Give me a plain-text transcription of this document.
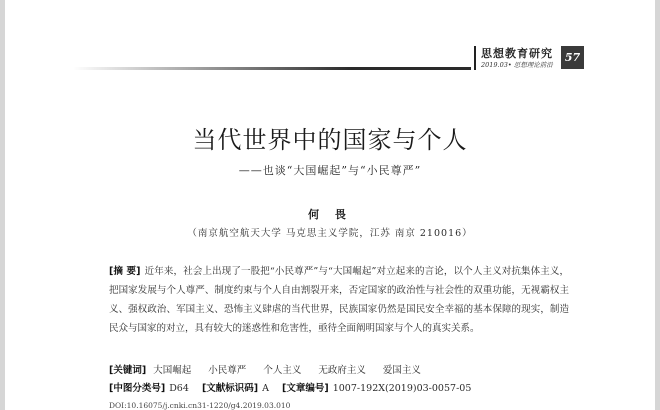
思想教育研究
2019.03• 思想理论前沿
57
当代世界中的国家与个人
——也谈“大国崛起”与“小民尊严”
何 畏
（南京航空航天大学 马克思主义学院，江苏 南京 210016）
[摘 要] 近年来，社会上出现了一股把“小民尊严”与“大国崛起”对立起来的言论，以个人主义对抗集体主义，把国家发展与个人尊严、制度约束与个人自由割裂开来，否定国家的政治性与社会性的双重功能，无视霸权主义、强权政治、军国主义、恐怖主义肆虐的当代世界，民族国家仍然是国民安全幸福的基本保障的现实，制造民众与国家的对立，具有较大的迷惑性和危害性，亟待全面阐明国家与个人的真实关系。
[关键词] 大国崛起 小民尊严 个人主义 无政府主义 爱国主义
[中图分类号] D64 [文献标识码] A [文章编号] 1007-192X(2019)03-0057-05
DOI:10.16075/j.cnki.cn31-1220/g4.2019.03.010
